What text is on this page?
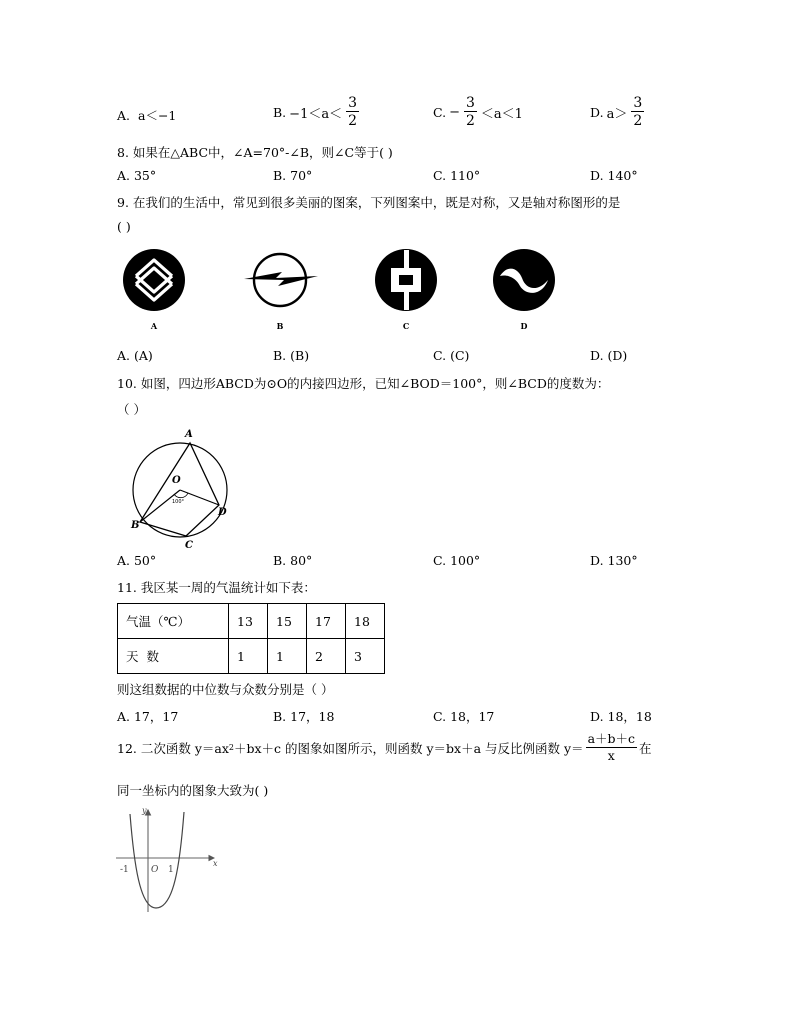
A. a＜−1	B. $-1<a< \frac{3}{2}$	C. − $\frac{3}{2} <a<1$	D. $a> \frac{3}{2}$
8. 如果在△ABC中，∠A=70°-∠B，则∠C等于( )
A. 35°	B. 70°	C. 110°	D. 140°
9. 在我们的生活中，常见到很多美丽的图案，下列图案中，既是对称，又是轴对称图形的是
( )
A	B	C	D
A. (A)	B. (B)	C. (C)	D. (D)
10. 如图，四边形ABCD为⊙O的内接四边形，已知∠BOD＝100°，则∠BCD的度数为：
（ ）
A
O
100°
B
C
D
A. 50°	B. 80°	C. 100°	D. 130°
11. 我区某一周的气温统计如下表：
气温（℃）	13	15	17	18
天  数	1	1	2	3
则这组数据的中位数与众数分别是（ ）
A. 17，17	B. 17，18	C. 18，17	D. 18，18
12. 二次函数 y＝ax 2 ＋bx＋c 的图象如图所示，则函数 y＝bx＋a 与反比例函数 $y= \frac{a+b+c}{x}$ 在
同一坐标内的图象大致为( )
y
x
-1 O 1
